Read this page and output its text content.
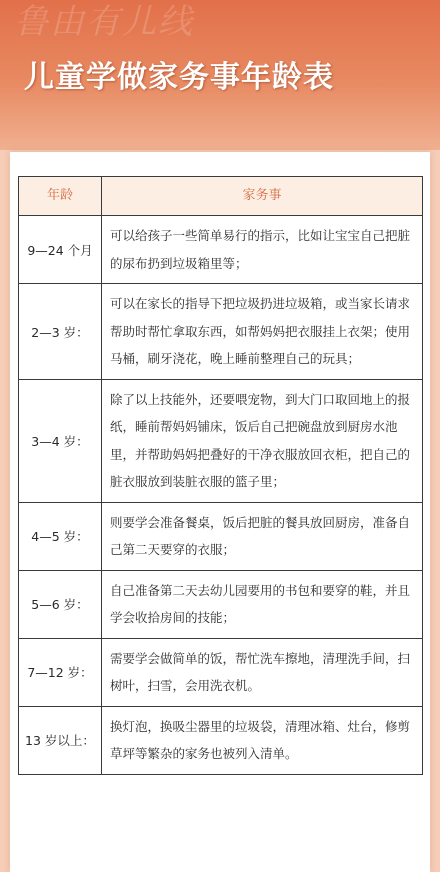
鲁由有儿线
儿童学做家务事年龄表
年龄	家务事
9—24 个月	可以给孩子一些简单易行的指示，比如让宝宝自己把脏的尿布扔到垃圾箱里等；
2—3 岁：	可以在家长的指导下把垃圾扔进垃圾箱，或当家长请求帮助时帮忙拿取东西，如帮妈妈把衣服挂上衣架；使用马桶，刷牙浇花，晚上睡前整理自己的玩具；
3—4 岁：	除了以上技能外，还要喂宠物，到大门口取回地上的报纸，睡前帮妈妈铺床，饭后自己把碗盘放到厨房水池里，并帮助妈妈把叠好的干净衣服放回衣柜，把自己的脏衣服放到装脏衣服的篮子里；
4—5 岁：	则要学会准备餐桌，饭后把脏的餐具放回厨房，准备自己第二天要穿的衣服；
5—6 岁：	自己准备第二天去幼儿园要用的书包和要穿的鞋，并且学会收拾房间的技能；
7—12 岁：	需要学会做简单的饭，帮忙洗车擦地，清理洗手间，扫树叶，扫雪，会用洗衣机。
13 岁以上：	换灯泡，换吸尘器里的垃圾袋，清理冰箱、灶台，修剪草坪等繁杂的家务也被列入清单。
